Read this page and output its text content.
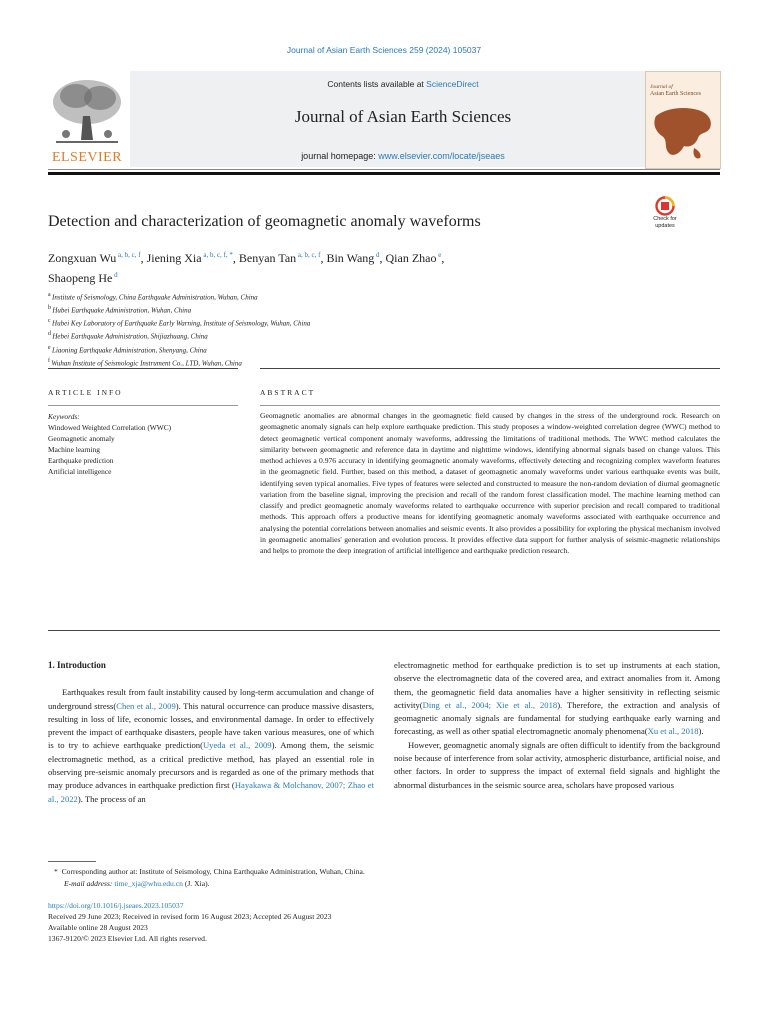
Journal of Asian Earth Sciences 259 (2024) 105037
Contents lists available at ScienceDirect
Journal of Asian Earth Sciences
journal homepage: www.elsevier.com/locate/jseaes
ELSEVIER
Journal of
Asian Earth Sciences
Detection and characterization of geomagnetic anomaly waveforms	Check for
updates
Zongxuan Wu $^{a, b, c, f}$, Jiening Xia $^{a, b, c, f, *}$, Benyan Tan $^{a, b, c, f}$, Bin Wang $^d$, Qian Zhao $^e$,
Shaopeng He $^d$
$^a$ Institute of Seismology, China Earthquake Administration, Wuhan, China
$^b$ Hubei Earthquake Administration, Wuhan, China
$^c$ Hubei Key Laboratory of Earthquake Early Warning, Institute of Seismology, Wuhan, China
$^d$ Hebei Earthquake Administration, Shijiazhuang, China
$^e$ Liaoning Earthquake Administration, Shenyang, China
$^f$ Wuhan Institute of Seismologic Instrument Co., LTD, Wuhan, China
ARTICLE INFO	ABSTRACT
Keywords:
Windowed Weighted Correlation (WWC)
Geomagnetic anomaly
Machine learning
Earthquake prediction
Artificial intelligence
Geomagnetic anomalies are abnormal changes in the geomagnetic field caused by changes in the stress of the underground rock. Research on geomagnetic anomaly signals can help explore earthquake prediction. This study proposes a window-weighted correlation degree (WWC) method to detect geomagnetic vertical component anomaly waveforms, addressing the limitations of traditional methods. The WWC method calculates the similarity between geomagnetic and reference data in daytime and nighttime windows, identifying abnormal signals based on change values. This method achieves a 0.976 accuracy in identifying geomagnetic anomaly waveforms, effectively detecting and recognizing complex waveform features in the geomagnetic field. Further, based on this method, a dataset of geomagnetic anomaly waveforms under various earthquake events was built, identifying seven typical anomalies. Five types of features were selected and constructed to measure the non-random deviation of diurnal geomagnetic variation from the baseline signal, improving the precision and recall of the random forest classification model. The machine learning method can classify and predict geomagnetic anomaly waveforms related to earthquake occurrence with superior precision and recall compared to traditional methods. This approach offers a productive means for identifying geomagnetic anomaly waveforms associated with earthquake occurrence and analysing the potential correlations between anomalies and seismic events. It also provides a possibility for exploring the physical mechanism involved in geomagnetic anomalies' generation and evolution process. It provides effective data support for further analysis of seismic-magnetic relationships and helps to promote the deep integration of artificial intelligence and earthquake prediction research.
1. Introduction

Earthquakes result from fault instability caused by long-term accumulation and change of underground stress(Chen et al., 2009). This natural occurrence can produce massive disasters, resulting in loss of life, economic losses, and environmental damage. In order to effectively prevent the impact of earthquake disasters, people have taken various measures, one of which is to try to achieve earthquake prediction(Uyeda et al., 2009). Among them, the seismic electromagnetic method, as a critical predictive method, has played an essential role in observing pre-seismic anomaly precursors and is regarded as one of the primary methods that may produce advances in earthquake prediction first (Hayakawa & Molchanov, 2007; Zhao et al., 2022). The process of an

electromagnetic method for earthquake prediction is to set up instruments at each station, observe the electromagnetic data of the covered area, and extract anomalies from it. Among them, the geomagnetic field data anomalies have a higher sensitivity in reflecting seismic activity(Ding et al., 2004; Xie et al., 2018). Therefore, the extraction and analysis of geomagnetic anomaly signals are fundamental for studying earthquake early warning and forecasting, as well as other spatial electromagnetic anomaly phenomena(Xu et al., 2018).

However, geomagnetic anomaly signals are often difficult to identify from the background noise because of interference from solar activity, atmospheric disturbance, artificial noise, and other factors. In order to suppress the impact of external field signals and highlight the abnormal disturbances in the seismic source area, scholars have proposed various

* Corresponding author at: Institute of Seismology, China Earthquake Administration, Wuhan, China.
E-mail address: time_xja@whu.edu.cn (J. Xia).
https://doi.org/10.1016/j.jseaes.2023.105037
Received 29 June 2023; Received in revised form 16 August 2023; Accepted 26 August 2023
Available online 28 August 2023
1367-9120/© 2023 Elsevier Ltd. All rights reserved.
